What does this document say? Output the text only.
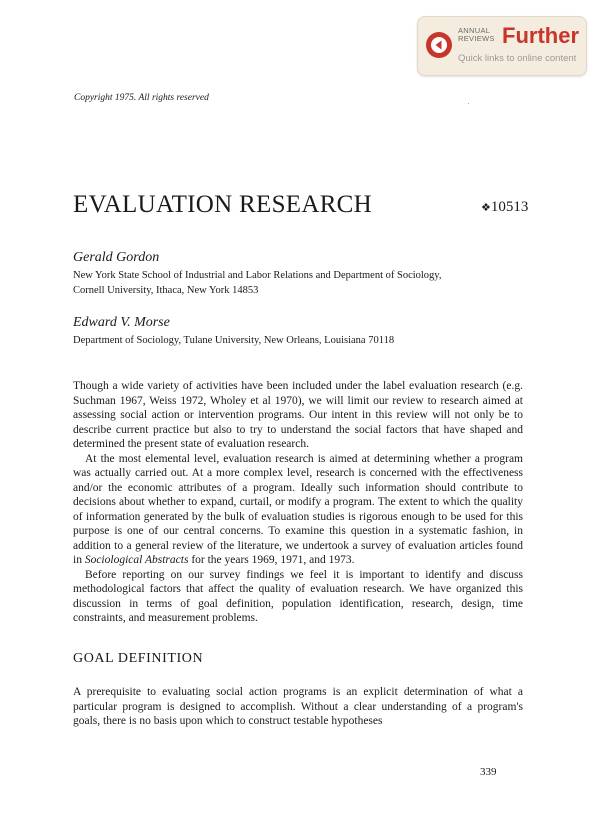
ANNUAL
REVIEWS Further
Quick links to online content
Copyright 1975. All rights reserved
EVALUATION RESEARCH	❖10513
Gerald Gordon
New York State School of Industrial and Labor Relations and Department of Sociology,
Cornell University, Ithaca, New York 14853
Edward V. Morse
Department of Sociology, Tulane University, New Orleans, Louisiana 70118

Though a wide variety of activities have been included under the label evaluation research (e.g. Suchman 1967, Weiss 1972, Wholey et al 1970), we will limit our review to research aimed at assessing social action or intervention programs. Our intent in this review will not only be to describe current practice but also to try to understand the social factors that have shaped and determined the present state of evaluation research.

At the most elemental level, evaluation research is aimed at determining whether a program was actually carried out. At a more complex level, research is concerned with the effectiveness and/or the economic attributes of a program. Ideally such information should contribute to decisions about whether to expand, curtail, or modify a program. The extent to which the quality of information generated by the bulk of evaluation studies is rigorous enough to be used for this purpose is one of our central concerns. To examine this question in a systematic fashion, in addition to a general review of the literature, we undertook a survey of evaluation articles found in Sociological Abstracts for the years 1969, 1971, and 1973.

Before reporting on our survey findings we feel it is important to identify and discuss methodological factors that affect the quality of evaluation research. We have organized this discussion in terms of goal definition, population identification, research, design, time constraints, and measurement problems.

GOAL DEFINITION

A prerequisite to evaluating social action programs is an explicit determination of what a particular program is designed to accomplish. Without a clear understanding of a program's goals, there is no basis upon which to construct testable hypotheses

339
